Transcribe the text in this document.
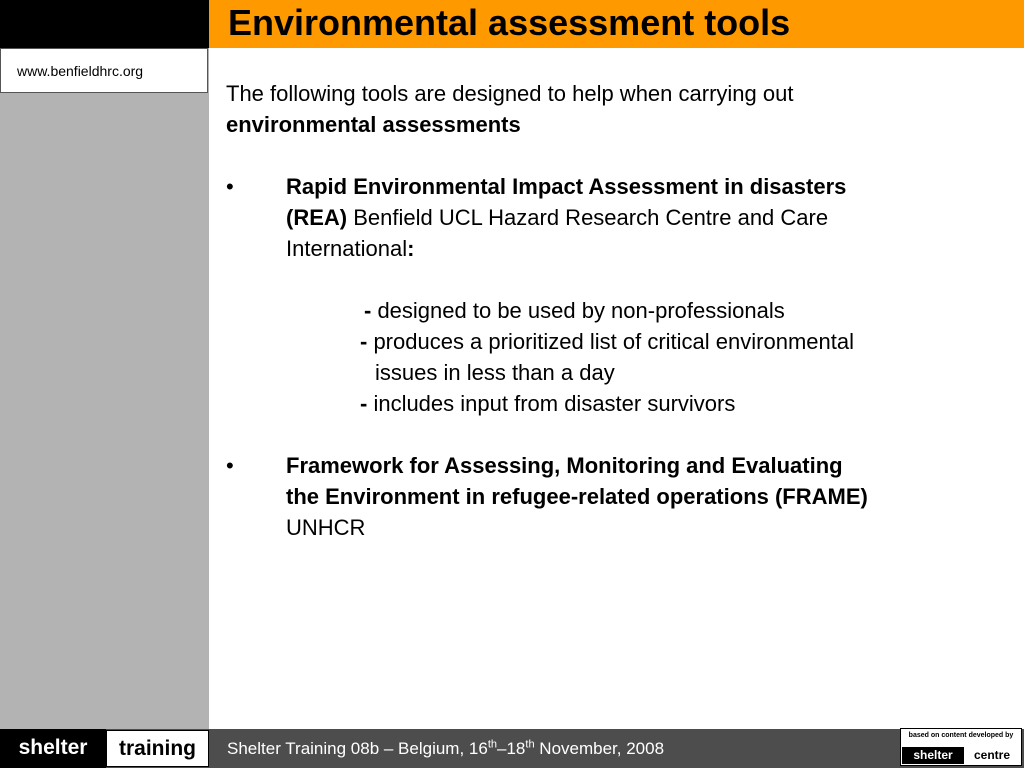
www.benfieldhrc.org
Environmental assessment tools

The following tools are designed to help when carrying out

environmental assessments

• Rapid Environmental Impact Assessment in disasters

(REA) Benfield UCL Hazard Research Centre and Care

International:

- designed to be used by non-professionals

- produces a prioritized list of critical environmental

issues in less than a day

- includes input from disaster survivors

• Framework for Assessing, Monitoring and Evaluating

the Environment in refugee-related operations (FRAME)

UNHCR

shelter	training	Shelter Training 08b – Belgium, 16th–18th November, 2008
based on content developed by
shelter	centre
